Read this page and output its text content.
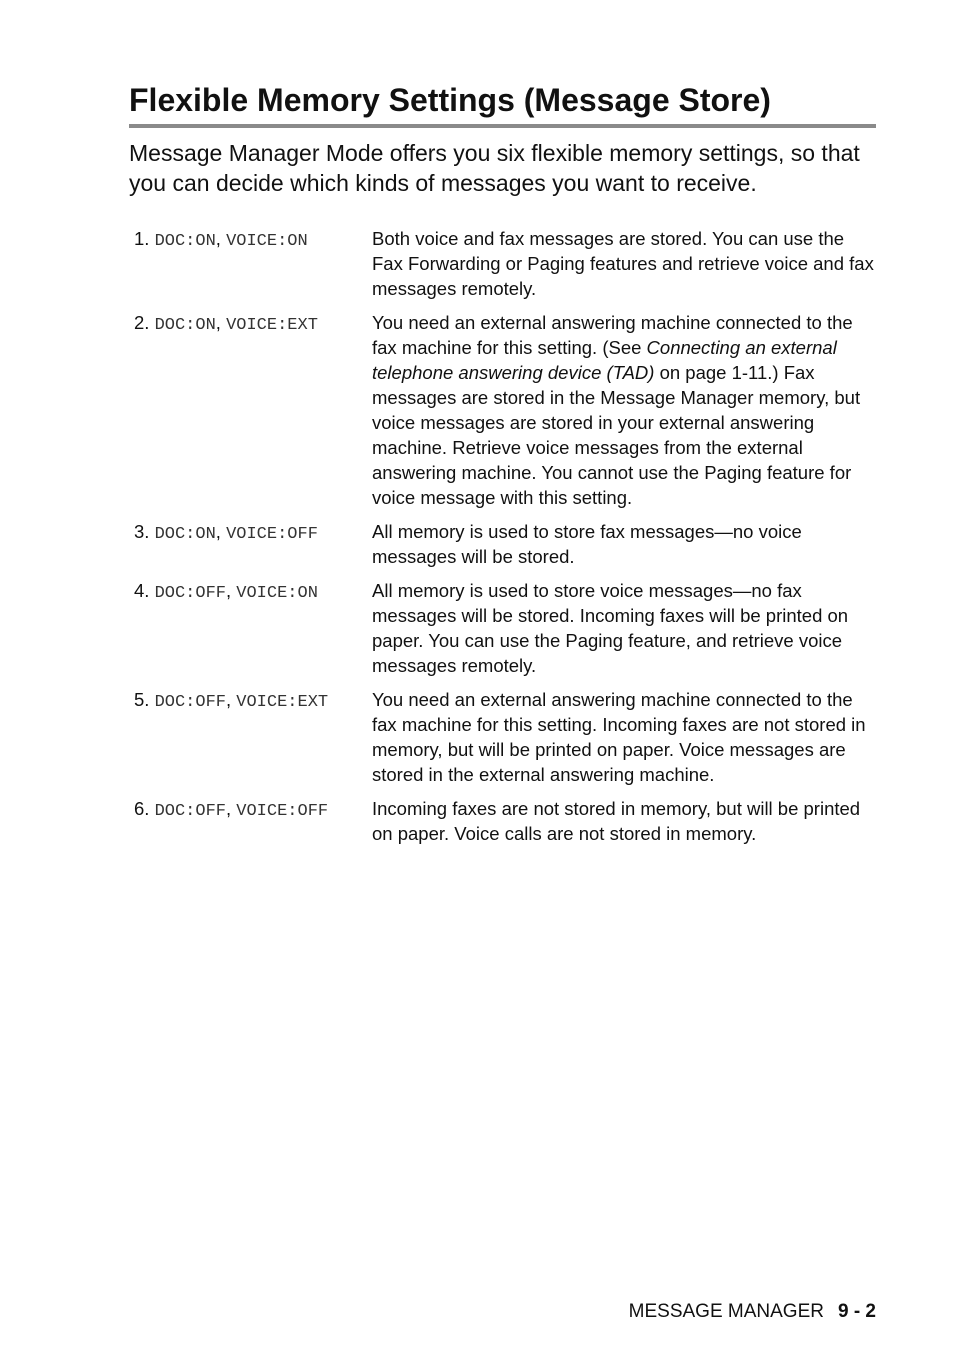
Flexible Memory Settings (Message Store)

Message Manager Mode offers you six flexible memory settings, so that you can decide which kinds of messages you want to receive.

1. DOC:ON, VOICE:ON	Both voice and fax messages are stored. You can use the Fax Forwarding or Paging features and retrieve voice and fax messages remotely.
2. DOC:ON, VOICE:EXT	You need an external answering machine connected to the fax machine for this setting. (See Connecting an external telephone answering device (TAD) on page 1-11.) Fax messages are stored in the Message Manager memory, but voice messages are stored in your external answering machine. Retrieve voice messages from the external answering machine. You cannot use the Paging feature for voice message with this setting.
3. DOC:ON, VOICE:OFF	All memory is used to store fax messages—no voice messages will be stored.
4. DOC:OFF, VOICE:ON	All memory is used to store voice messages—no fax messages will be stored. Incoming faxes will be printed on paper. You can use the Paging feature, and retrieve voice messages remotely.
5. DOC:OFF, VOICE:EXT	You need an external answering machine connected to the fax machine for this setting. Incoming faxes are not stored in memory, but will be printed on paper. Voice messages are stored in the external answering machine.
6. DOC:OFF, VOICE:OFF	Incoming faxes are not stored in memory, but will be printed on paper. Voice calls are not stored in memory.
MESSAGE MANAGER 9 - 2
